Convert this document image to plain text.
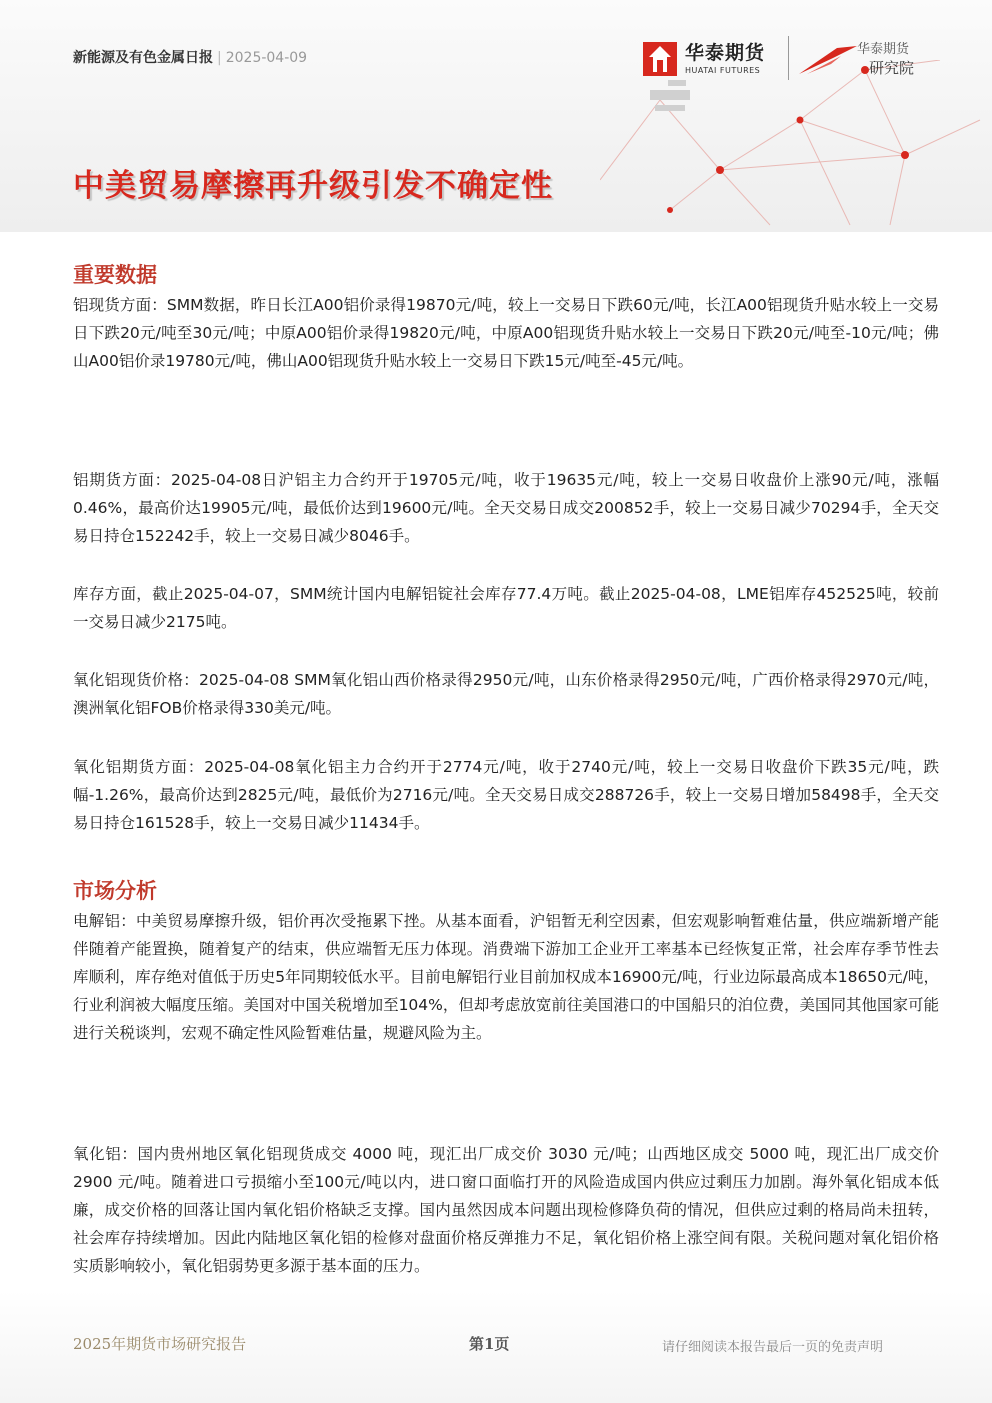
新能源及有色金属日报 | 2025-04-09	华泰期货
HUATAI FUTURES
华泰期货
研究院
中美贸易摩擦再升级引发不确定性
重要数据

铝现货方面：SMM数据，昨日长江A00铝价录得19870元/吨，较上一交易日下跌60元/吨，长江A00铝现货升贴水较上一交易日下跌20元/吨至30元/吨；中原A00铝价录得19820元/吨，中原A00铝现货升贴水较上一交易日下跌20元/吨至-10元/吨；佛山A00铝价录19780元/吨，佛山A00铝现货升贴水较上一交易日下跌15元/吨至-45元/吨。

铝期货方面：2025-04-08日沪铝主力合约开于19705元/吨，收于19635元/吨，较上一交易日收盘价上涨90元/吨，涨幅0.46%，最高价达19905元/吨，最低价达到19600元/吨。全天交易日成交200852手，较上一交易日减少70294手，全天交易日持仓152242手，较上一交易日减少8046手。

库存方面，截止2025-04-07，SMM统计国内电解铝锭社会库存77.4万吨。截止2025-04-08，LME铝库存452525吨，较前一交易日减少2175吨。

氧化铝现货价格：2025-04-08 SMM氧化铝山西价格录得2950元/吨，山东价格录得2950元/吨，广西价格录得2970元/吨，澳洲氧化铝FOB价格录得330美元/吨。

氧化铝期货方面：2025-04-08氧化铝主力合约开于2774元/吨，收于2740元/吨，较上一交易日收盘价下跌35元/吨，跌幅-1.26%，最高价达到2825元/吨，最低价为2716元/吨。全天交易日成交288726手，较上一交易日增加58498手，全天交易日持仓161528手，较上一交易日减少11434手。

市场分析

电解铝：中美贸易摩擦升级，铝价再次受拖累下挫。从基本面看，沪铝暂无利空因素，但宏观影响暂难估量，供应端新增产能伴随着产能置换，随着复产的结束，供应端暂无压力体现。消费端下游加工企业开工率基本已经恢复正常，社会库存季节性去库顺利，库存绝对值低于历史5年同期较低水平。目前电解铝行业目前加权成本16900元/吨，行业边际最高成本18650元/吨，行业利润被大幅度压缩。美国对中国关税增加至104%，但却考虑放宽前往美国港口的中国船只的泊位费，美国同其他国家可能进行关税谈判，宏观不确定性风险暂难估量，规避风险为主。

氧化铝：国内贵州地区氧化铝现货成交 4000 吨，现汇出厂成交价 3030 元/吨；山西地区成交 5000 吨，现汇出厂成交价 2900 元/吨。随着进口亏损缩小至100元/吨以内，进口窗口面临打开的风险造成国内供应过剩压力加剧。海外氧化铝成本低廉，成交价格的回落让国内氧化铝价格缺乏支撑。国内虽然因成本问题出现检修降负荷的情况，但供应过剩的格局尚未扭转，社会库存持续增加。因此内陆地区氧化铝的检修对盘面价格反弹推力不足，氧化铝价格上涨空间有限。关税问题对氧化铝价格实质影响较小，氧化铝弱势更多源于基本面的压力。

2025年期货市场研究报告	第1页	请仔细阅读本报告最后一页的免责声明
